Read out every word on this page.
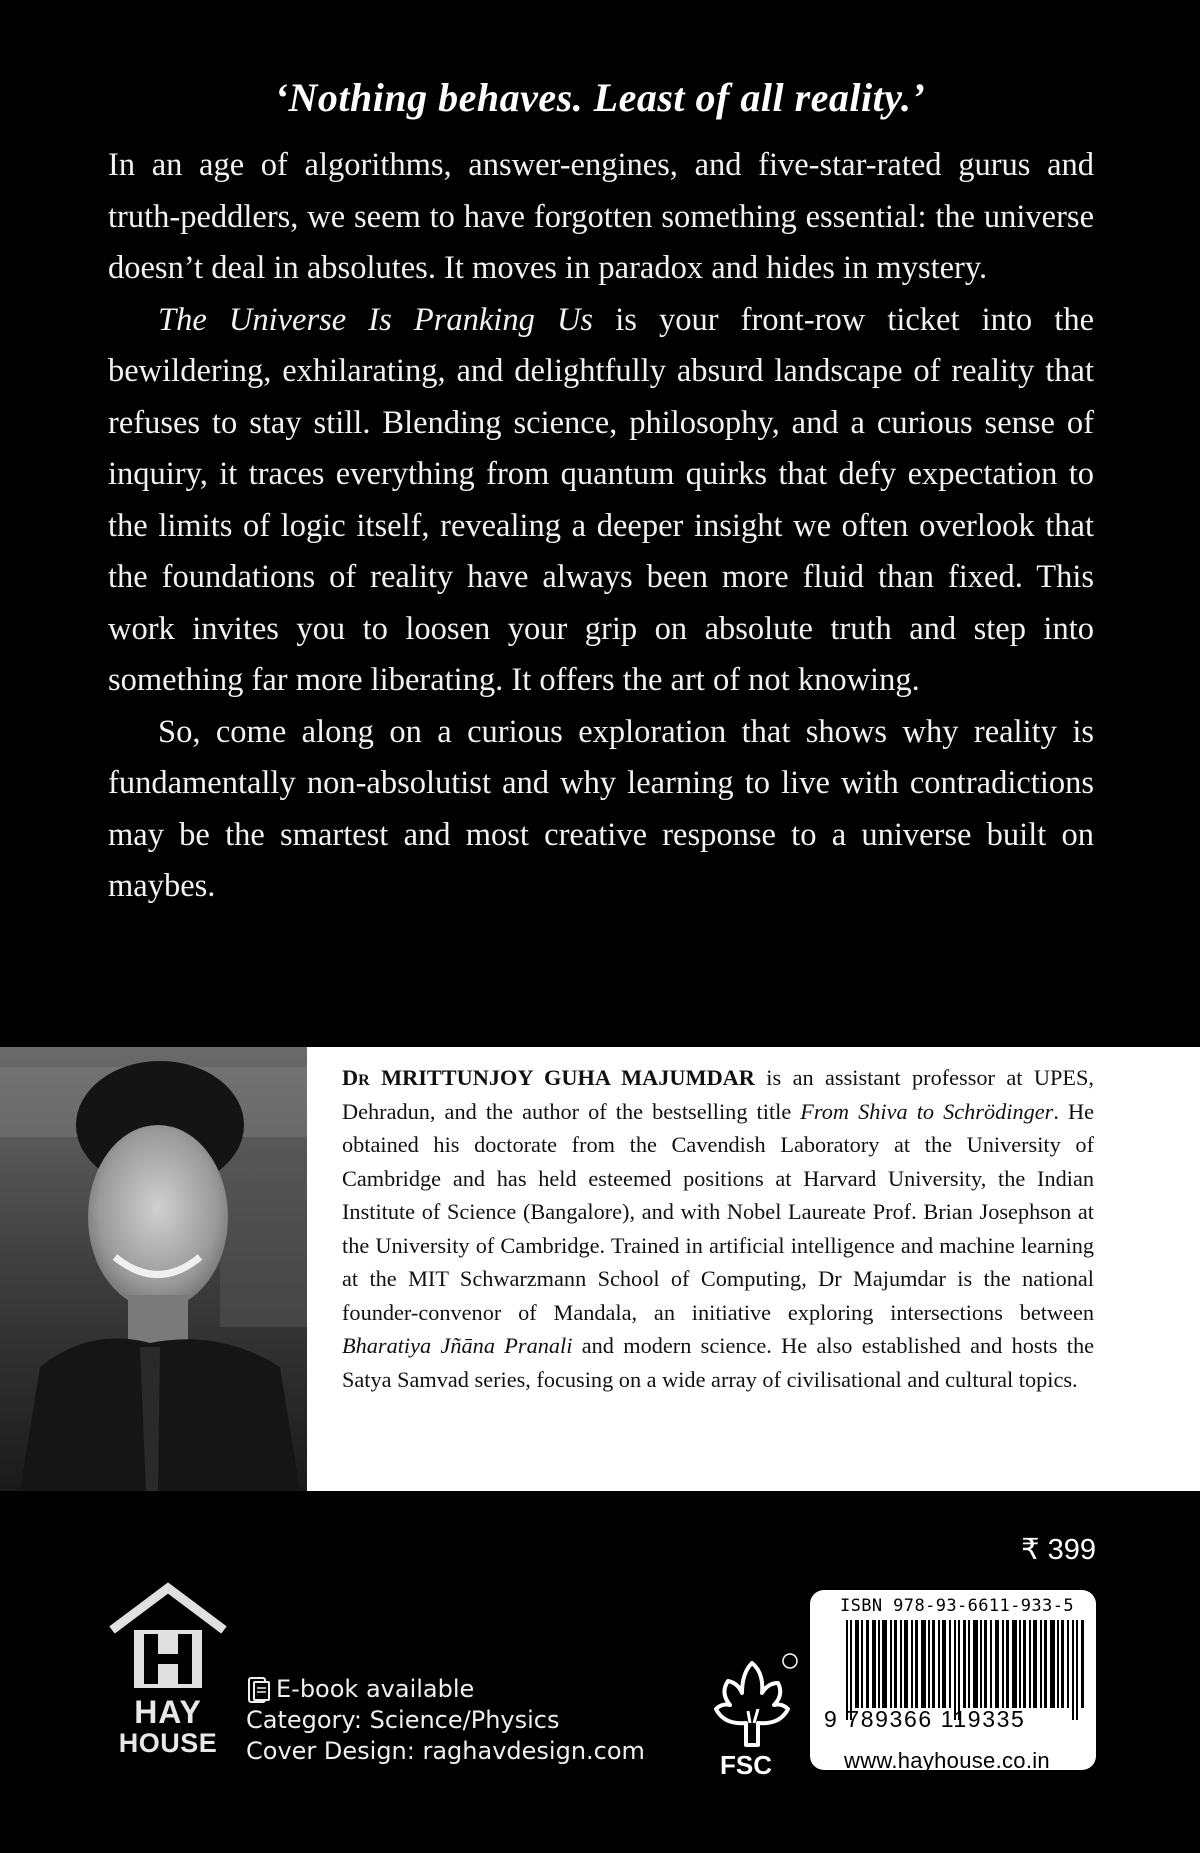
‘Nothing behaves. Least of all reality.’

In an age of algorithms, answer-engines, and five-star-rated gurus and truth-peddlers, we seem to have forgotten something essential: the universe doesn’t deal in absolutes. It moves in paradox and hides in mystery.

The Universe Is Pranking Us is your front-row ticket into the bewildering, exhilarating, and delightfully absurd landscape of reality that refuses to stay still. Blending science, philosophy, and a curious sense of inquiry, it traces everything from quantum quirks that defy expectation to the limits of logic itself, revealing a deeper insight we often overlook that the foundations of reality have always been more fluid than fixed. This work invites you to loosen your grip on absolute truth and step into something far more liberating. It offers the art of not knowing.

So, come along on a curious exploration that shows why reality is fundamentally non-absolutist and why learning to live with contradictions may be the smartest and most creative response to a universe built on maybes.

Dr MRITTUNJOY GUHA MAJUMDAR is an assistant professor at UPES, Dehradun, and the author of the bestselling title From Shiva to Schrödinger. He obtained his doctorate from the Cavendish Laboratory at the University of Cambridge and has held esteemed positions at Harvard University, the Indian Institute of Science (Bangalore), and with Nobel Laureate Prof. Brian Josephson at the University of Cambridge. Trained in artificial intelligence and machine learning at the MIT Schwarzmann School of Computing, Dr Majumdar is the national founder-convenor of Mandala, an initiative exploring intersections between Bharatiya Jñāna Pranali and modern science. He also established and hosts the Satya Samvad series, focusing on a wide array of civilisational and cultural topics.

₹ 399
HAY
HOUSE
E-book available
Category: Science/Physics
Cover Design: raghavdesign.com	FSC
ISBN 978-93-6611-933-5
9 789366 119335
www.hayhouse.co.in
